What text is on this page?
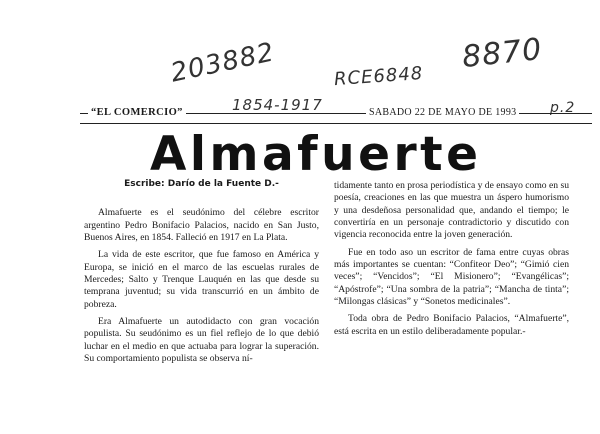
8870
203882	RCE6848
1854-1917	p.2
“EL COMERCIO”	SABADO 22 DE MAYO DE 1993
Almafuerte

Escribe: Darío de la Fuente D.-

Almafuerte es el seudónimo del célebre escritor argentino Pedro Bonifacio Palacios, nacido en San Justo, Buenos Aires, en 1854. Falleció en 1917 en La Plata.

La vida de este escritor, que fue famoso en América y Europa, se inició en el marco de las escuelas rurales de Mercedes; Salto y Trenque Lauquén en las que desde su temprana juventud; su vida transcurrió en un ámbito de pobreza.

Era Almafuerte un autodidacto con gran vocación populista. Su seudónimo es un fiel reflejo de lo que debió luchar en el medio en que actuaba para lograr la superación. Su comportamiento populista se observa ní-

tidamente tanto en prosa periodística y de ensayo como en su poesía, creaciones en las que muestra un áspero humorismo y una desdeñosa personalidad que, andando el tiempo; le convertiría en un personaje contradictorio y discutido con vigencia reconocida entre la joven generación.

Fue en todo aso un escritor de fama entre cuyas obras más importantes se cuentan: “Confiteor Deo”; “Gimió cien veces”; “Vencidos”; “El Misionero”; “Evangélicas”; “Apóstrofe”; “Una sombra de la patria”; “Mancha de tinta”; “Milongas clásicas” y “Sonetos medicinales”.

Toda obra de Pedro Bonifacio Palacios, “Almafuerte”, está escrita en un estilo deliberadamente popular.-
